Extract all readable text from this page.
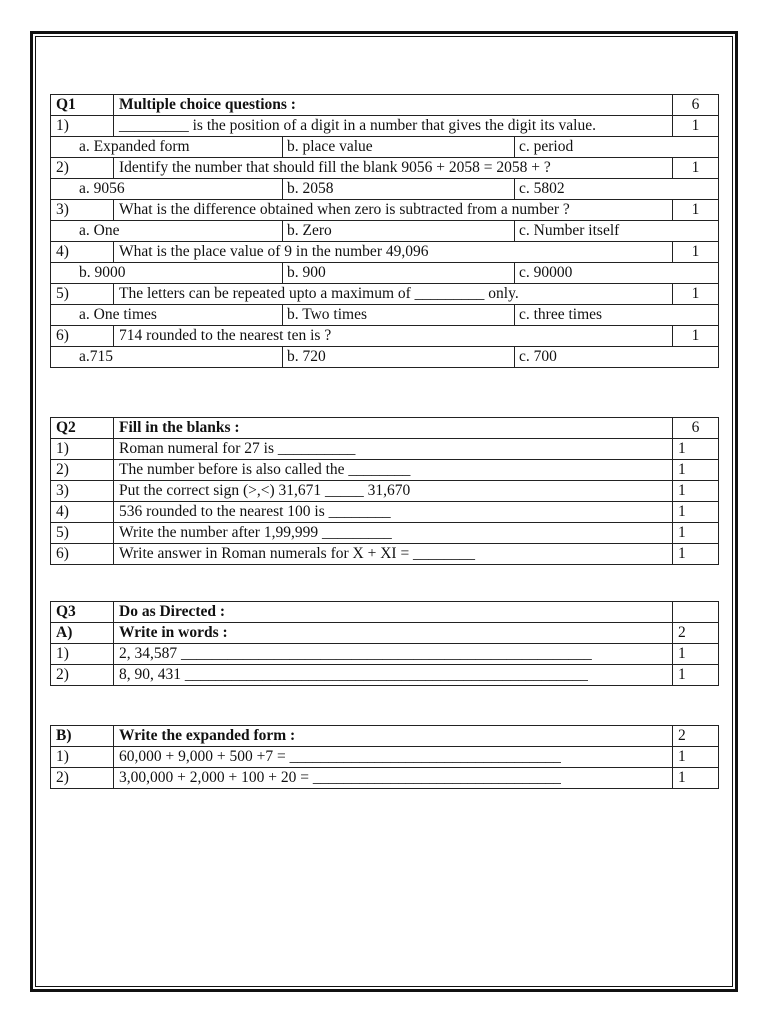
Q1	Multiple choice questions :			6
1)	_________ is the position of a digit in a number that gives the digit its value.			1
a. Expanded form		b. place value	c. period	
2)	Identify the number that should fill the blank 9056 + 2058 = 2058 + ?			1
a. 9056		b. 2058	c. 5802	
3)	What is the difference obtained when zero is subtracted from a number ?			1
a. One		b. Zero	c. Number itself	
4)	What is the place value of 9 in the number 49,096			1
b. 9000		b. 900	c. 90000	
5)	The letters can be repeated upto a maximum of _________ only.			1
a. One times		b. Two times	c. three times	
6)	714 rounded to the nearest ten is ?			1
a.715		b. 720	c. 700	
Q2	Fill in the blanks :	6
1)	Roman numeral for 27 is __________	1
2)	The number before is also called the ________	1
3)	Put the correct sign (>,<) 31,671 _____ 31,670	1
4)	536 rounded to the nearest 100 is ________	1
5)	Write the number after 1,99,999 _________	1
6)	Write answer in Roman numerals for X + XI = ________	1
Q3	Do as Directed :	
A)	Write in words :	2
1)	2, 34,587 _____________________________________________________	1
2)	8, 90, 431 ____________________________________________________	1
B)	Write the expanded form :	2
1)	60,000 + 9,000 + 500 +7 = ___________________________________	1
2)	3,00,000 + 2,000 + 100 + 20 = ________________________________	1
